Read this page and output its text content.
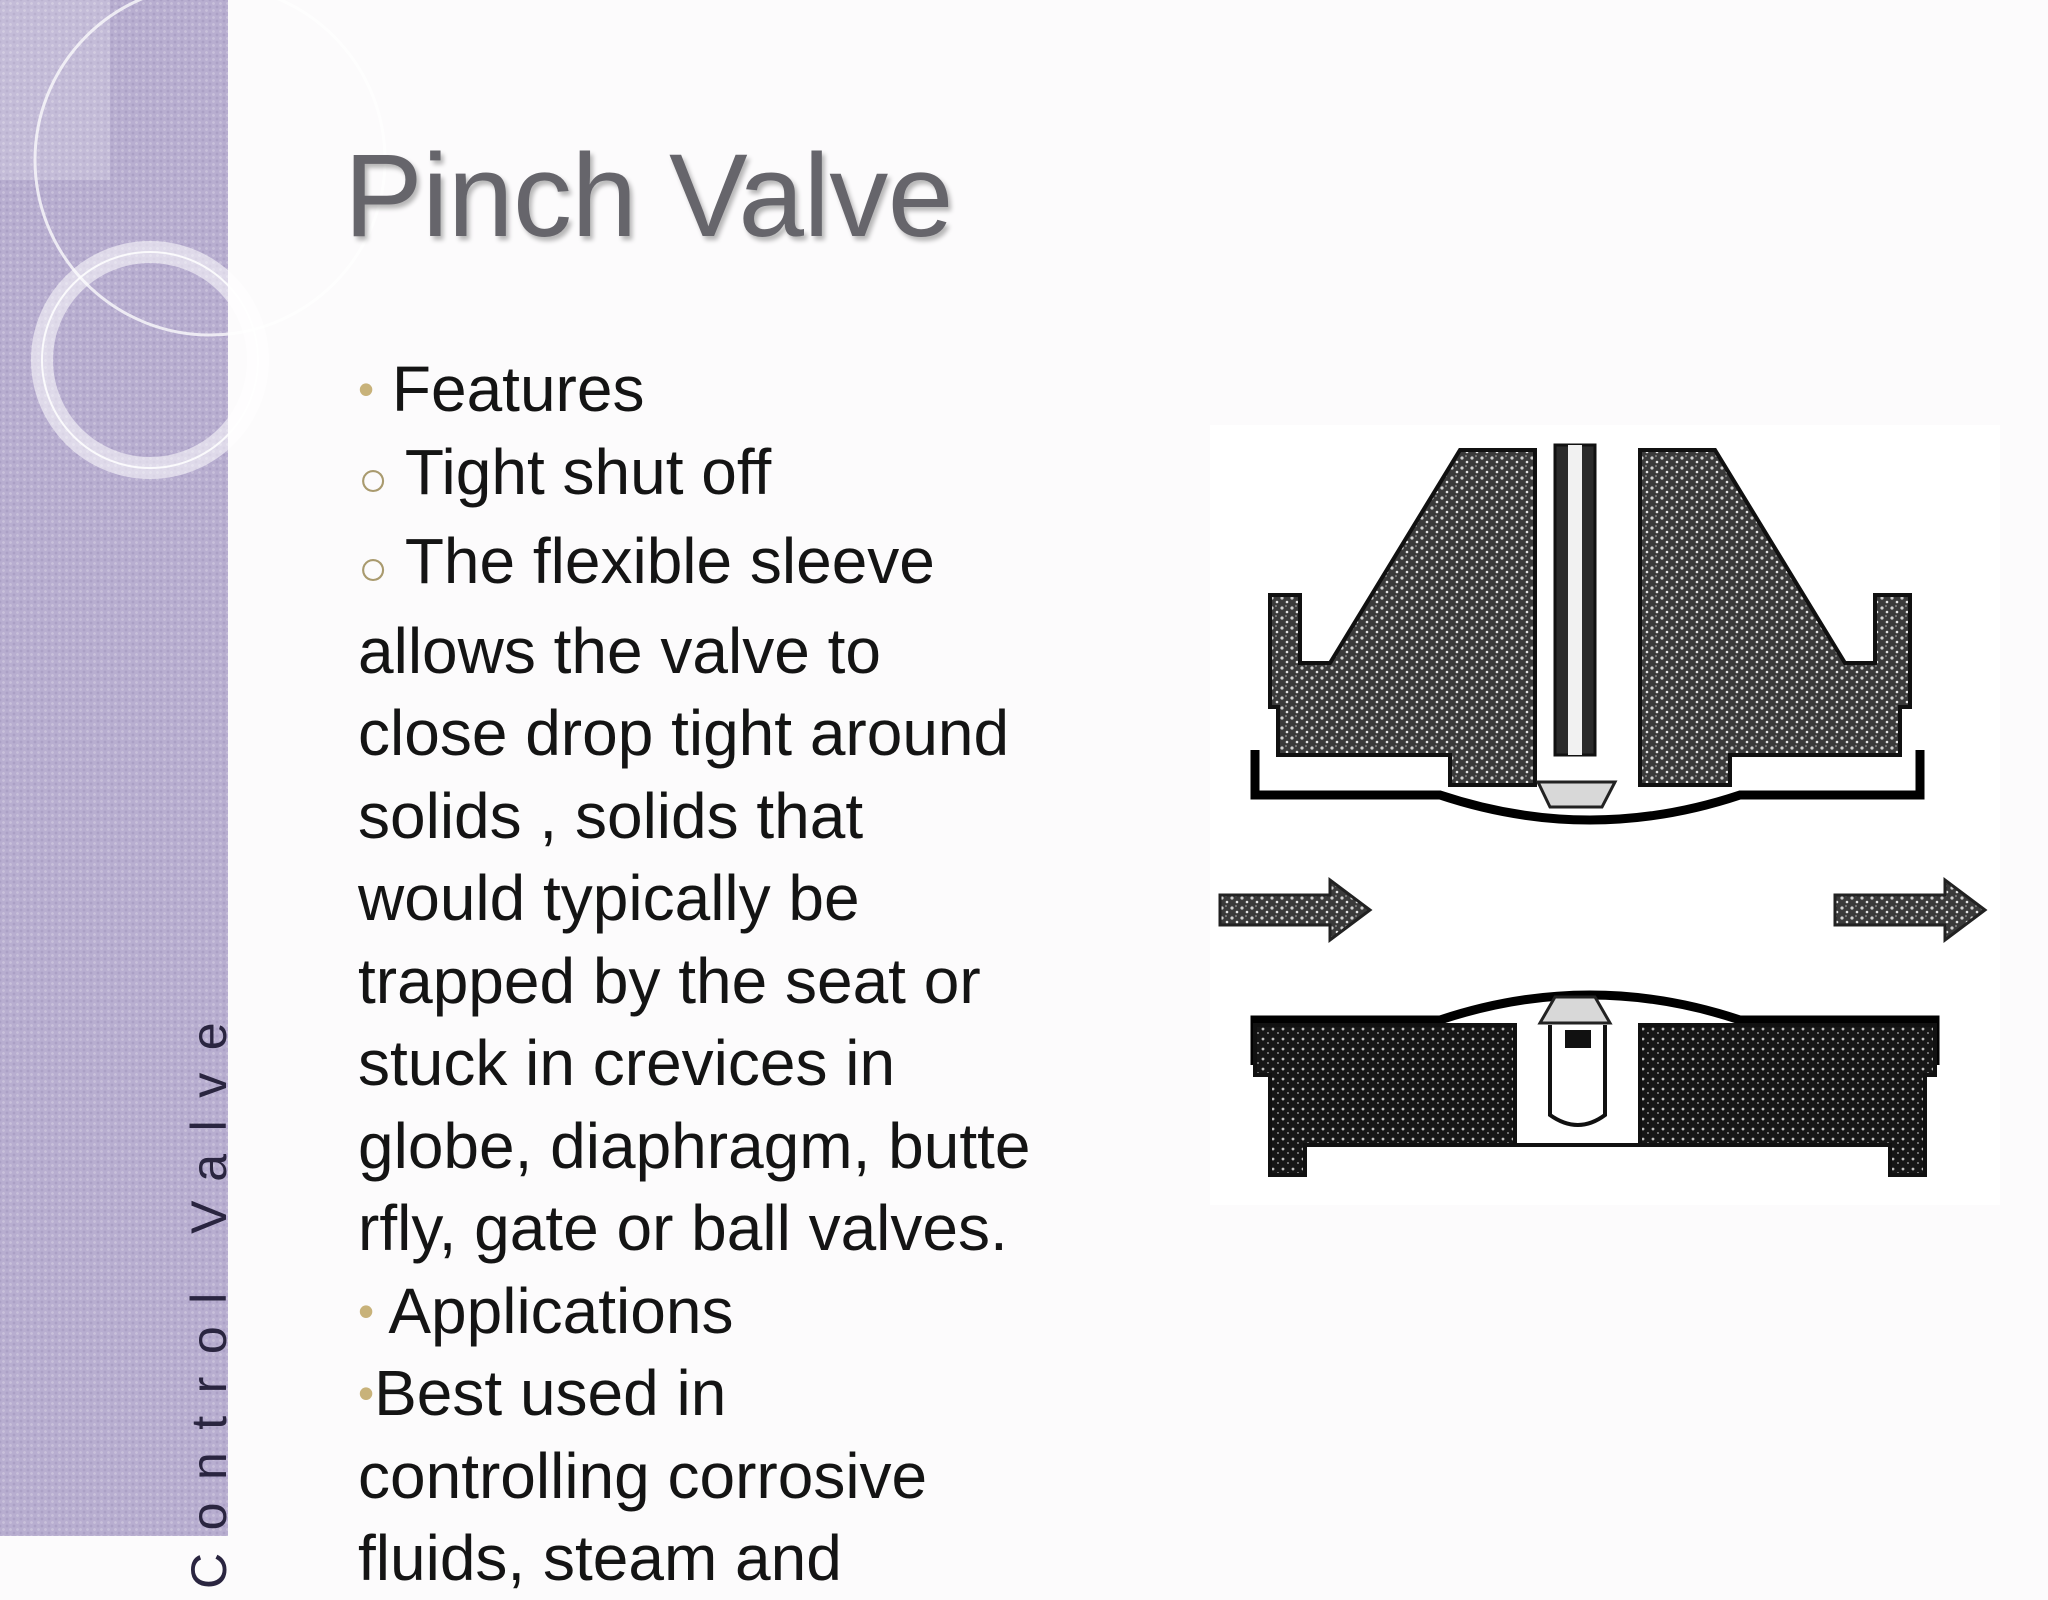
Control Valve
Pinch Valve
• Features
○ Tight shut off
○ The flexible sleeve
allows the valve to
close drop tight around
solids , solids that
would typically be
trapped by the seat or
stuck in crevices in
globe, diaphragm, butte
rfly, gate or ball valves.
• Applications
•Best used in
controlling corrosive
fluids, steam and
